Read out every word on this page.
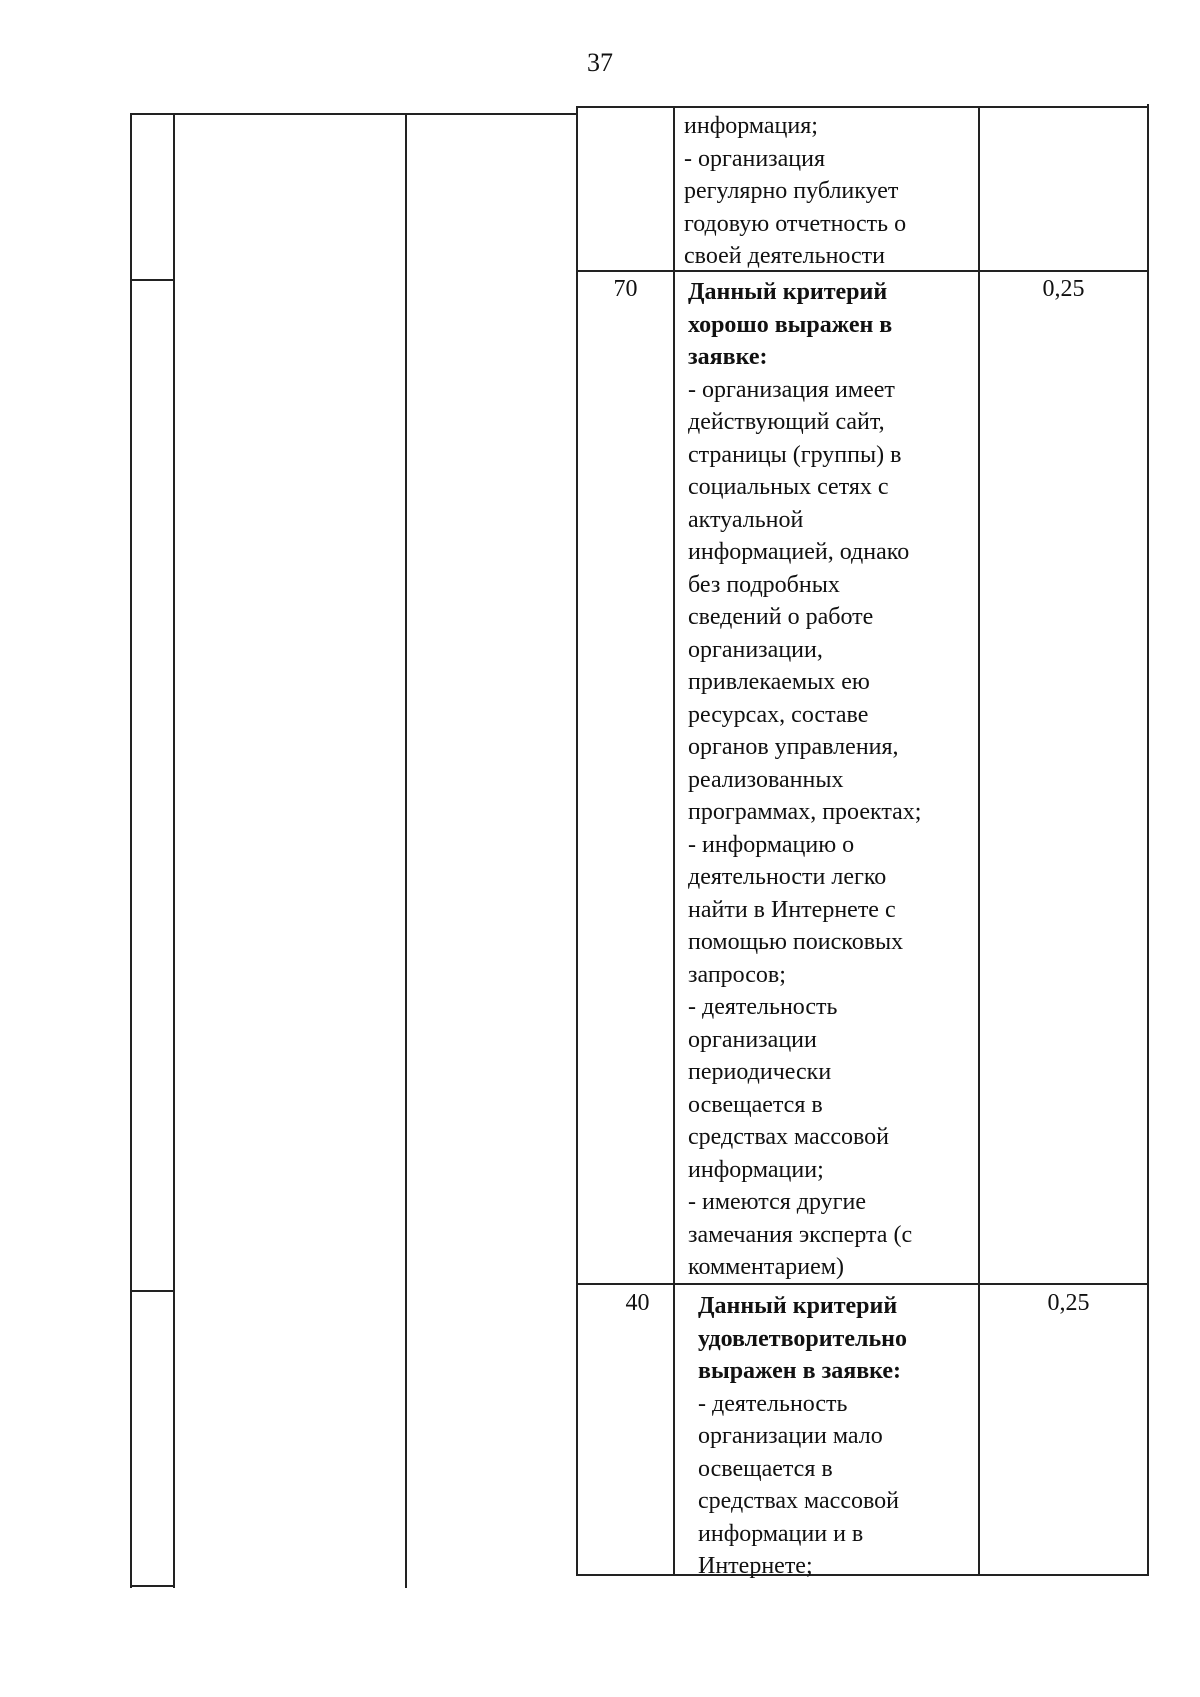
37
информация;
- организация
регулярно публикует
годовую отчетность о
своей деятельности
70	0,25
Данный критерий
хорошо выражен в
заявке:
- организация имеет
действующий сайт,
страницы (группы) в
социальных сетях с
актуальной
информацией, однако
без подробных
сведений о работе
организации,
привлекаемых ею
ресурсах, составе
органов управления,
реализованных
программах, проектах;
- информацию о
деятельности легко
найти в Интернете с
помощью поисковых
запросов;
- деятельность
организации
периодически
освещается в
средствах массовой
информации;
- имеются другие
замечания эксперта (с
комментарием)
40	0,25
Данный критерий
удовлетворительно
выражен в заявке:
- деятельность
организации мало
освещается в
средствах массовой
информации и в
Интернете;
